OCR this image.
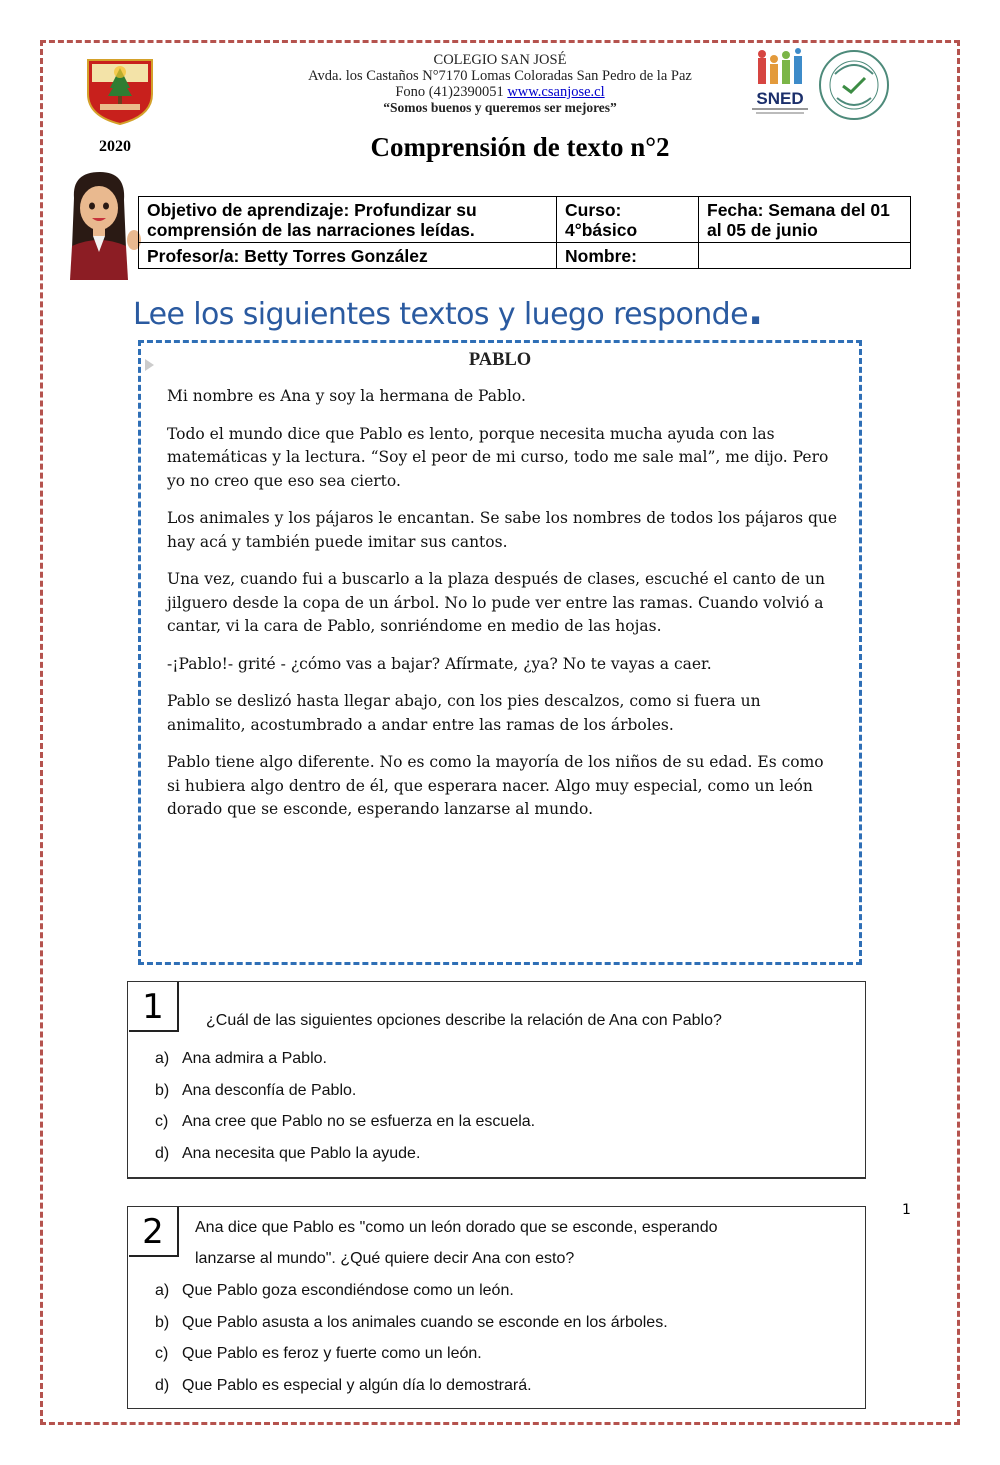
COLEGIO SAN JOSÉ
Avda. los Castaños N°7170 Lomas Coloradas San Pedro de la Paz
Fono (41)2390051 www.csanjose.cl
“Somos buenos y queremos ser mejores”	SNED
2020	Comprensión de texto n°2
Objetivo de aprendizaje: Profundizar su comprensión de las narraciones leídas.	Curso: 4°básico	Fecha: Semana del 01 al 05 de junio
Profesor/a: Betty Torres González	Nombre:	
Lee los siguientes textos y luego responde.
PABLO

Mi nombre es Ana y soy la hermana de Pablo.

Todo el mundo dice que Pablo es lento, porque necesita mucha ayuda con las matemáticas y la lectura. “Soy el peor de mi curso, todo me sale mal”, me dijo. Pero yo no creo que eso sea cierto.

Los animales y los pájaros le encantan. Se sabe los nombres de todos los pájaros que hay acá y también puede imitar sus cantos.

Una vez, cuando fui a buscarlo a la plaza después de clases, escuché el canto de un jilguero desde la copa de un árbol. No lo pude ver entre las ramas. Cuando volvió a cantar, vi la cara de Pablo, sonriéndome en medio de las hojas.

-¡Pablo!- grité - ¿cómo vas a bajar? Afírmate, ¿ya? No te vayas a caer.

Pablo se deslizó hasta llegar abajo, con los pies descalzos, como si fuera un animalito, acostumbrado a andar entre las ramas de los árboles.

Pablo tiene algo diferente. No es como la mayoría de los niños de su edad. Es como si hubiera algo dentro de él, que esperara nacer. Algo muy especial, como un león dorado que se esconde, esperando lanzarse al mundo.

1	¿Cuál de las siguientes opciones describe la relación de Ana con Pablo?
a) Ana admira a Pablo.
b) Ana desconfía de Pablo.
c) Ana cree que Pablo no se esfuerza en la escuela.
d) Ana necesita que Pablo la ayude.
2	Ana dice que Pablo es "como un león dorado que se esconde, esperando
lanzarse al mundo". ¿Qué quiere decir Ana con esto?
a) Que Pablo goza escondiéndose como un león.
b) Que Pablo asusta a los animales cuando se esconde en los árboles.
c) Que Pablo es feroz y fuerte como un león.
d) Que Pablo es especial y algún día lo demostrará.
1
